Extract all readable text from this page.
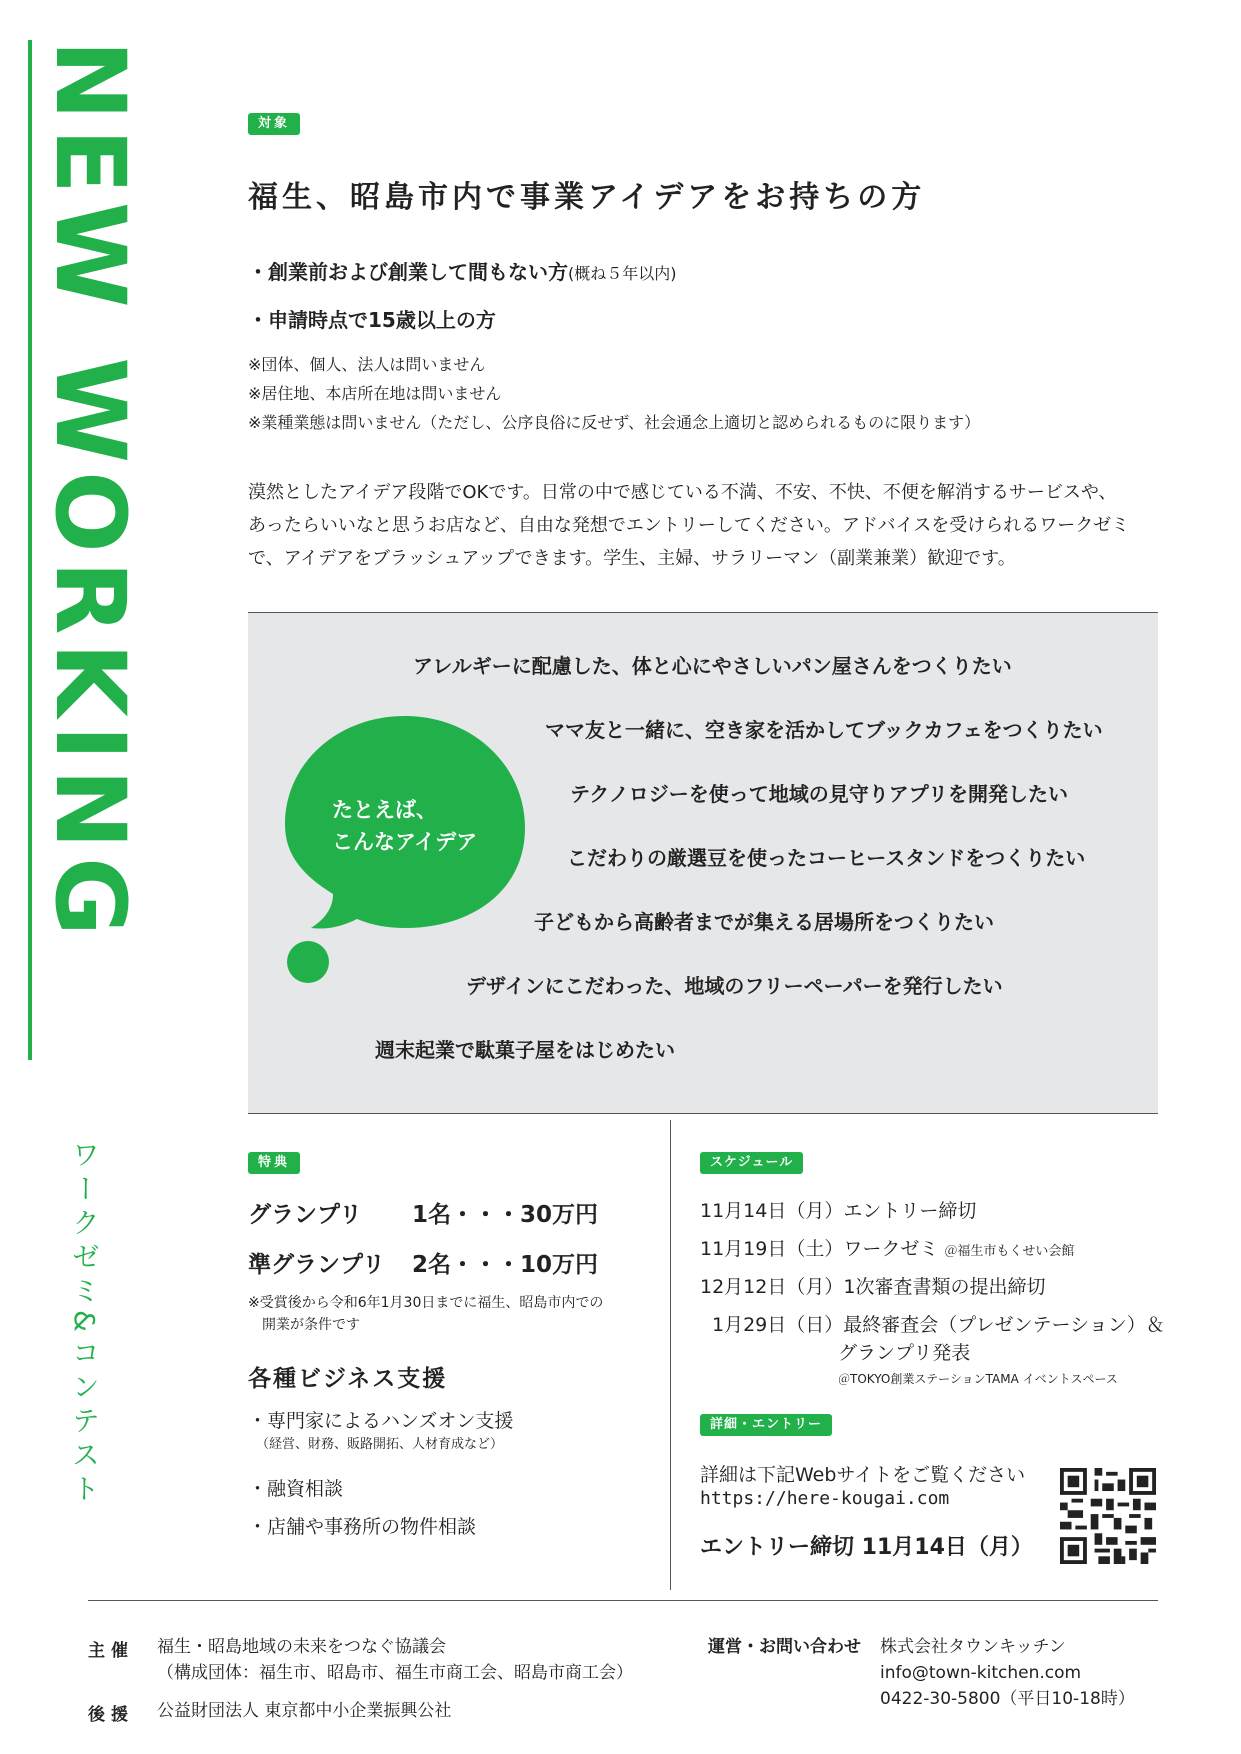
NEW WORKING
ワークゼミ&コンテスト
対象
福生、昭島市内で事業アイデアをお持ちの方
・創業前および創業して間もない方(概ね５年以内)
・申請時点で15歳以上の方
※団体、個人、法人は問いません
※居住地、本店所在地は問いません
※業種業態は問いません（ただし、公序良俗に反せず、社会通念上適切と認められるものに限ります）
漠然としたアイデア段階でOKです。日常の中で感じている不満、不安、不快、不便を解消するサービスや、
あったらいいなと思うお店など、自由な発想でエントリーしてください。アドバイスを受けられるワークゼミ
で、アイデアをブラッシュアップできます。学生、主婦、サラリーマン（副業兼業）歓迎です。
たとえば、
こんなアイデア
アレルギーに配慮した、体と心にやさしいパン屋さんをつくりたい
ママ友と一緒に、空き家を活かしてブックカフェをつくりたい
テクノロジーを使って地域の見守りアプリを開発したい
こだわりの厳選豆を使ったコーヒースタンドをつくりたい
子どもから高齢者までが集える居場所をつくりたい
デザインにこだわった、地域のフリーペーパーを発行したい
週末起業で駄菓子屋をはじめたい
特典
グランプリ 1名・・・30万円
準グランプリ 2名・・・10万円
※受賞後から令和6年1月30日までに福生、昭島市内での
開業が条件です
各種ビジネス支援
・専門家によるハンズオン支援
（経営、財務、販路開拓、人材育成など）
・融資相談
・店舗や事務所の物件相談
スケジュール
11月14日（月）エントリー締切
11月19日（土）ワークゼミ ＠福生市もくせい会館
12月12日（月）1次審査書類の提出締切
1月29日（日）最終審査会（プレゼンテーション）＆
グランプリ発表
＠TOKYO創業ステーションTAMA イベントスペース
詳細・エントリー
詳細は下記Webサイトをご覧ください
https://here-kougai.com
エントリー締切 11月14日（月）
主催 福生・昭島地域の未来をつなぐ協議会
（構成団体：福生市、昭島市、福生市商工会、昭島市商工会）
後援 公益財団法人 東京都中小企業振興公社
運営・お問い合わせ 株式会社タウンキッチン
info@town-kitchen.com
0422-30-5800（平日10-18時）
